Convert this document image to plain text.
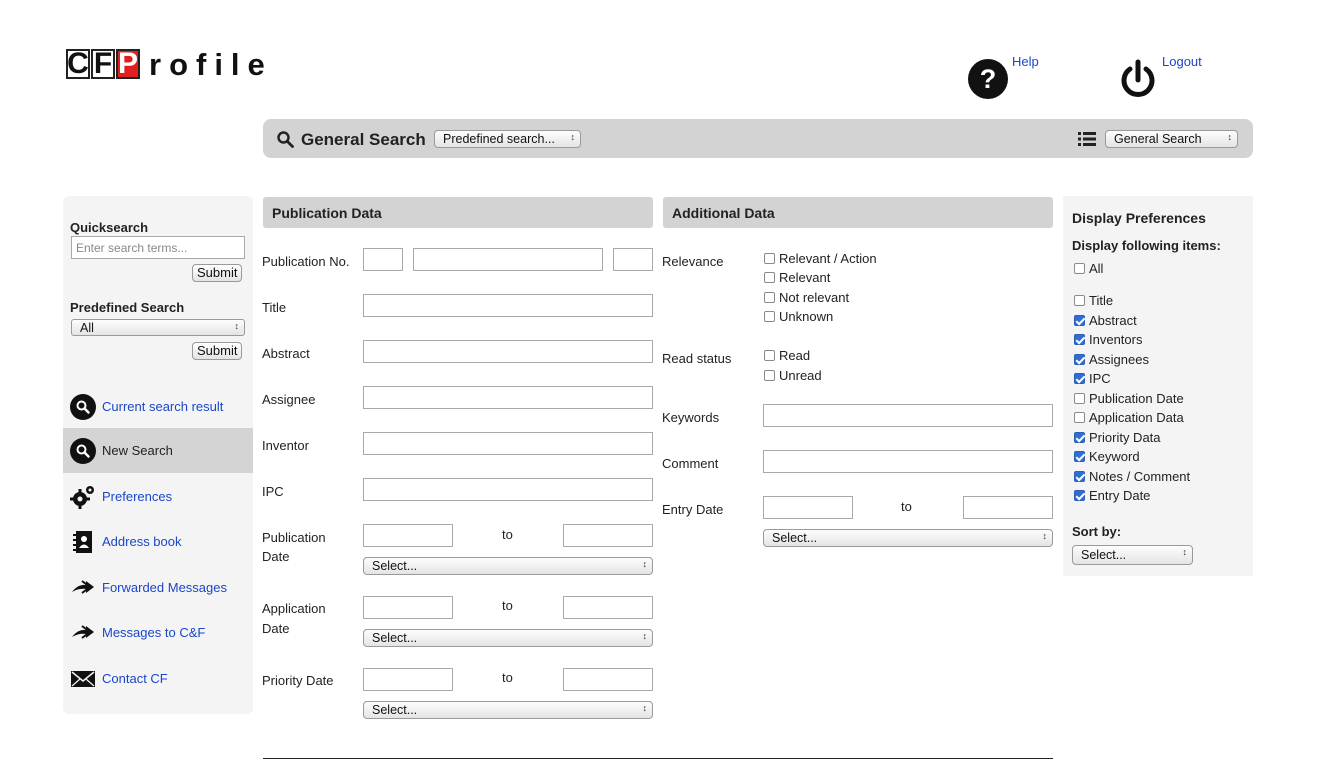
C F P rofile	?
Help	Logout
General Search	Predefined search... ↕	General Search ↕
Quicksearch
Enter search terms...
Submit
Predefined Search
All ↕
Submit
Current search result
New Search
Preferences
Address book
Forwarded Messages
Messages to C&F
Contact CF
Publication Data
Publication No.
Title
Abstract
Assignee
Inventor
IPC
Publication
Date
to
Select... ↕
Application
Date
to
Select... ↕
Priority Date	to
Select... ↕
Additional Data
Relevance	Relevant / Action
Relevant
Not relevant
Unknown
Read status	Read
Unread
Keywords
Comment
Entry Date	to
Select... ↕
Display Preferences
Display following items:
All
Title
Abstract
Inventors
Assignees
IPC
Publication Date
Application Data
Priority Data
Keyword
Notes / Comment
Entry Date
Sort by:
Select... ↕
